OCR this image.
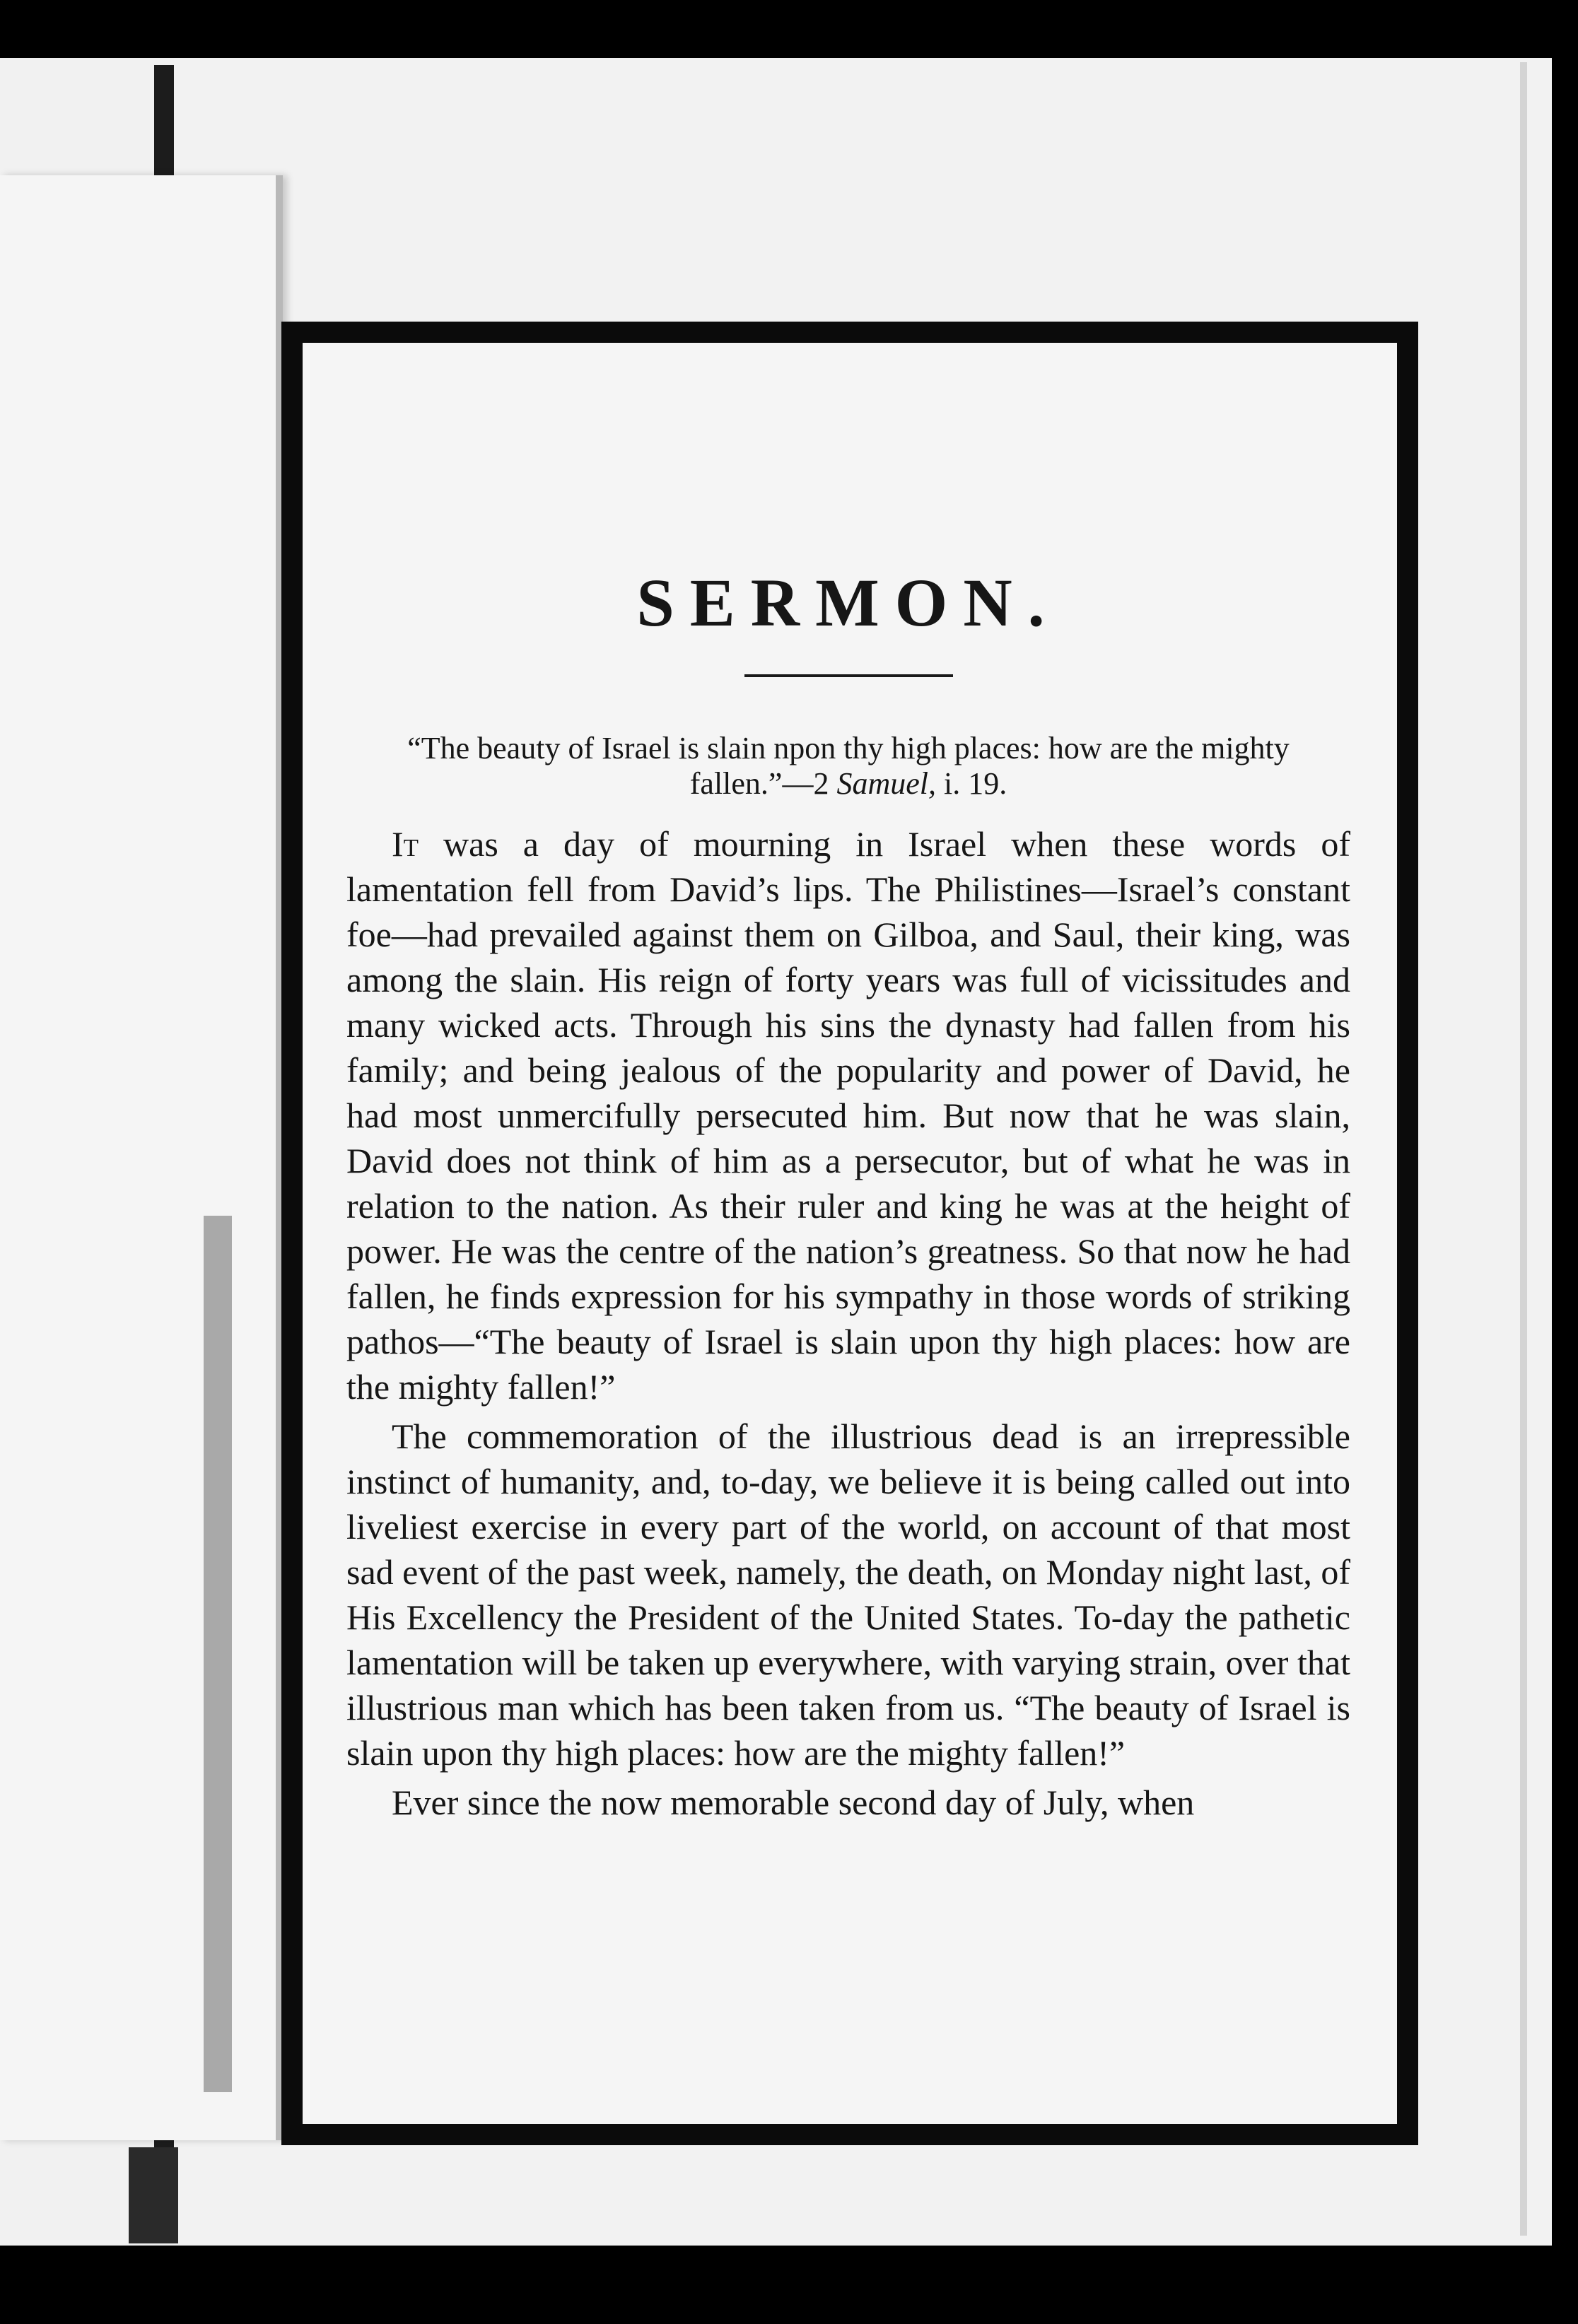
SERMON.

“The beauty of Israel is slain npon thy high places: how are the mighty fallen.”—2 Samuel, i. 19.

It was a day of mourning in Israel when these words of lamentation fell from David’s lips. The Philistines—Israel’s constant foe—had prevailed against them on Gilboa, and Saul, their king, was among the slain. His reign of forty years was full of vicissitudes and many wicked acts. Through his sins the dynasty had fallen from his family; and being jealous of the popularity and power of David, he had most unmercifully persecuted him. But now that he was slain, David does not think of him as a persecutor, but of what he was in relation to the nation. As their ruler and king he was at the height of power. He was the centre of the nation’s greatness. So that now he had fallen, he finds expression for his sympathy in those words of striking pathos—“The beauty of Israel is slain upon thy high places: how are the mighty fallen!”

The commemoration of the illustrious dead is an irrepressible instinct of humanity, and, to-day, we believe it is being called out into liveliest exercise in every part of the world, on account of that most sad event of the past week, namely, the death, on Monday night last, of His Excellency the President of the United States. To-day the pathetic lamentation will be taken up everywhere, with varying strain, over that illustrious man which has been taken from us. “The beauty of Israel is slain upon thy high places: how are the mighty fallen!”

Ever since the now memorable second day of July, when
